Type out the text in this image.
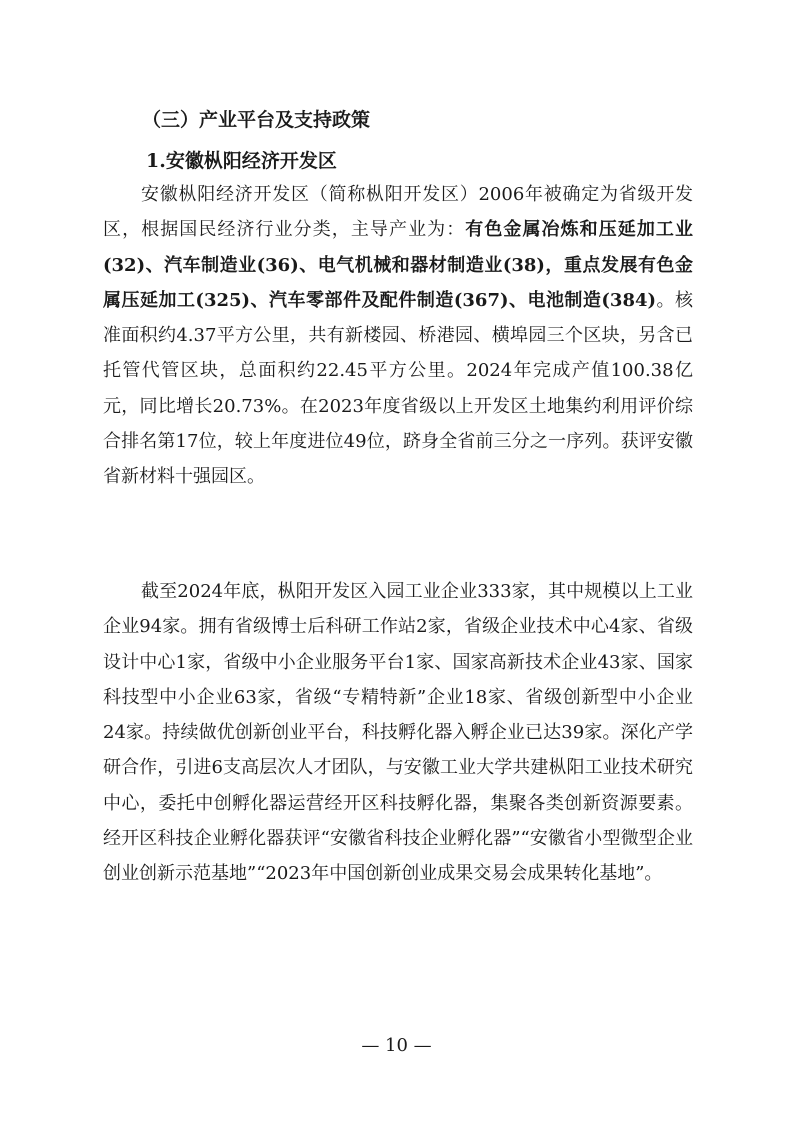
（三）产业平台及支持政策
1.安徽枞阳经济开发区

安徽枞阳经济开发区（简称枞阳开发区）2006年被确定为省级开发区，根据国民经济行业分类，主导产业为：有色金属冶炼和压延加工业(32)、汽车制造业(36)、电气机械和器材制造业(38)，重点发展有色金属压延加工(325)、汽车零部件及配件制造(367)、电池制造(384)。核准面积约4.37平方公里，共有新楼园、桥港园、横埠园三个区块，另含已托管代管区块，总面积约22.45平方公里。2024年完成产值100.38亿元，同比增长20.73%。在2023年度省级以上开发区土地集约利用评价综合排名第17位，较上年度进位49位，跻身全省前三分之一序列。获评安徽省新材料十强园区。

截至2024年底，枞阳开发区入园工业企业333家，其中规模以上工业企业94家。拥有省级博士后科研工作站2家，省级企业技术中心4家、省级设计中心1家，省级中小企业服务平台1家、国家高新技术企业43家、国家科技型中小企业63家，省级“专精特新”企业18家、省级创新型中小企业24家。持续做优创新创业平台，科技孵化器入孵企业已达39家。深化产学研合作，引进6支高层次人才团队，与安徽工业大学共建枞阳工业技术研究中心，委托中创孵化器运营经开区科技孵化器，集聚各类创新资源要素。经开区科技企业孵化器获评“安徽省科技企业孵化器”“安徽省小型微型企业创业创新示范基地”“2023年中国创新创业成果交易会成果转化基地”。

— 10 —
